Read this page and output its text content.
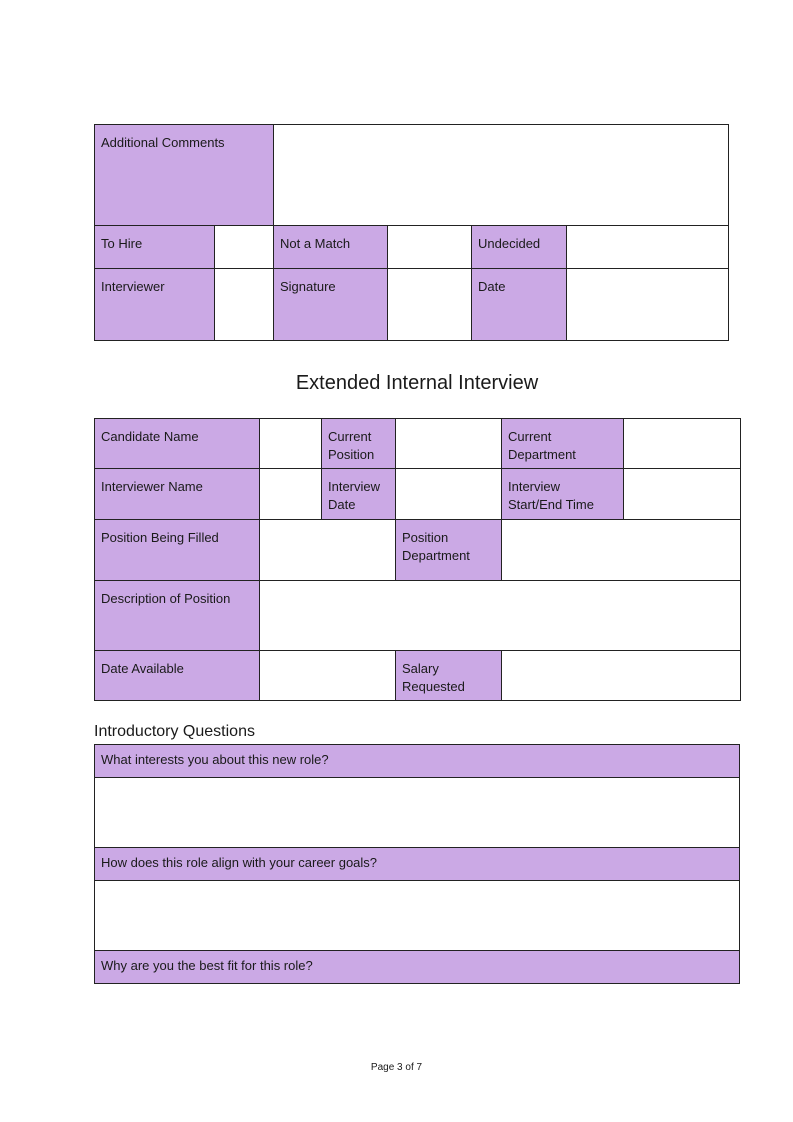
Additional Comments					
To Hire		Not a Match		Undecided	
Interviewer		Signature		Date	
Extended Internal Interview
Candidate Name		Current Position		Current Department	
Interviewer Name		Interview Date		Interview Start/End Time	
Position Being Filled			Position Department		
Description of Position					
Date Available			Salary Requested		
Introductory Questions
What interests you about this new role?

How does this role align with your career goals?

Why are you the best fit for this role?
Page 3 of 7
